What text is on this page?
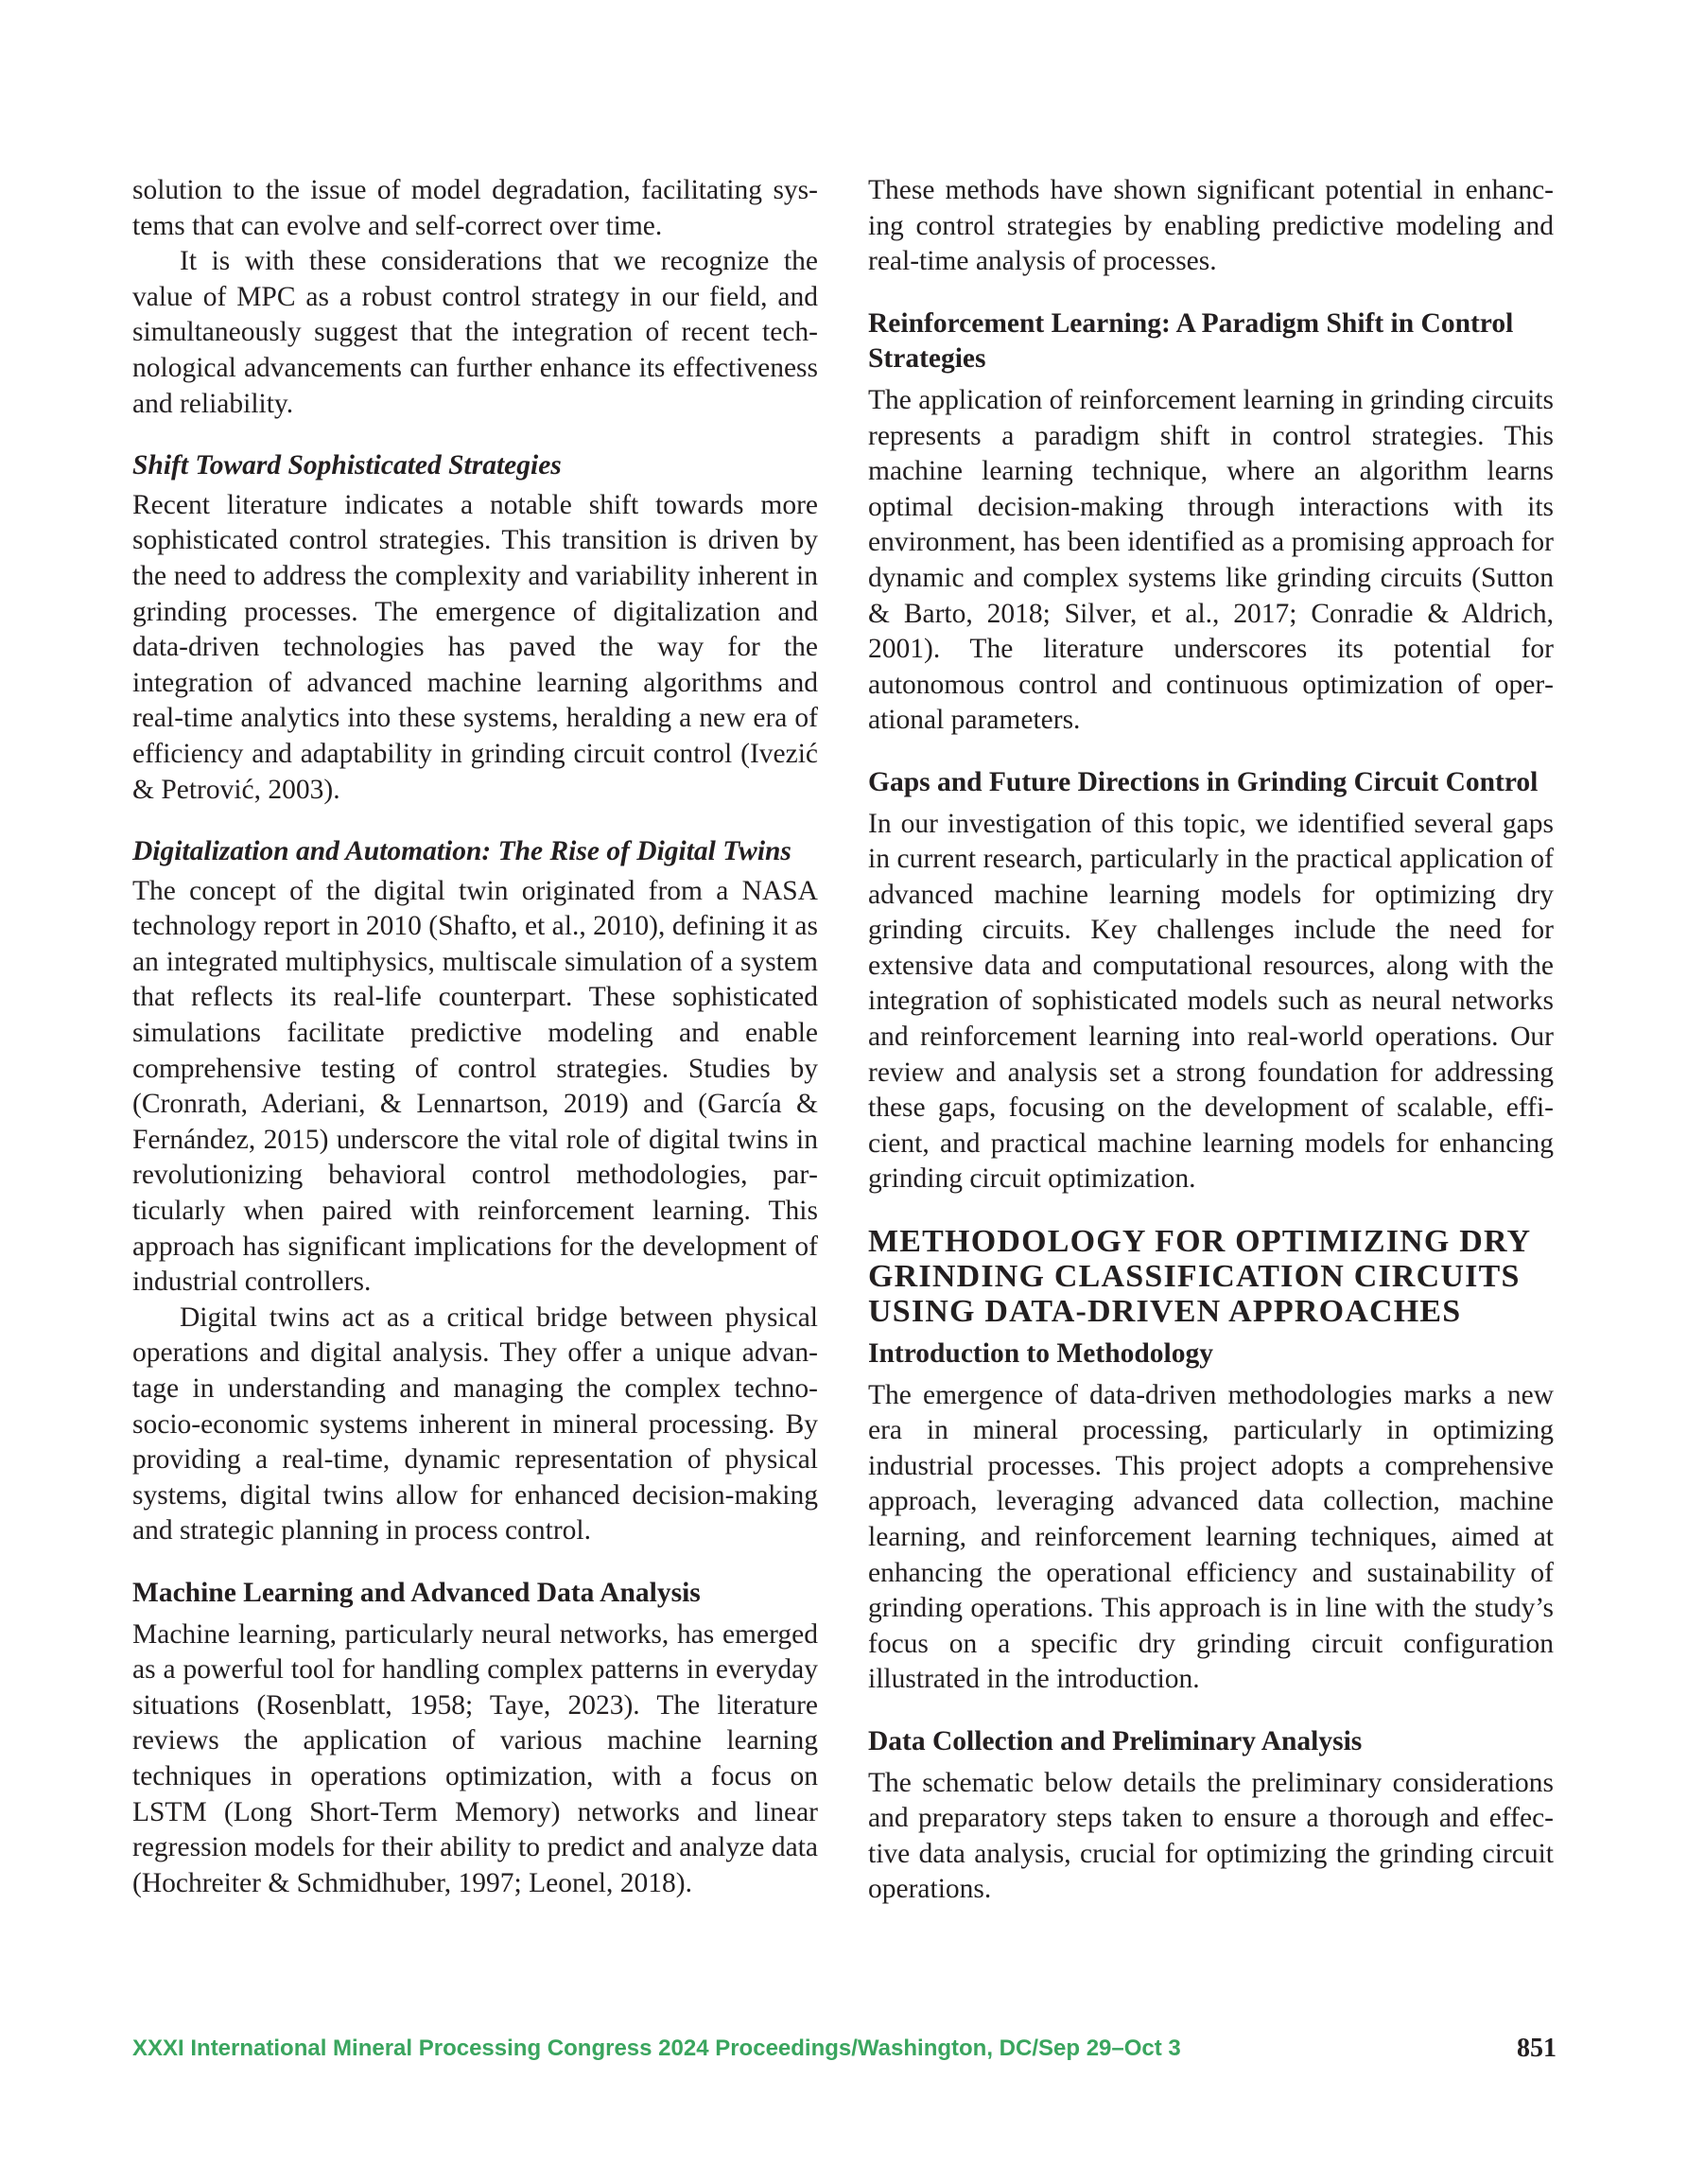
solution to the issue of model degradation, facilitating systems that can evolve and self-correct over time.

It is with these considerations that we recognize the value of MPC as a robust control strategy in our field, and simultaneously suggest that the integration of recent technological advancements can further enhance its effectiveness and reliability.

Shift Toward Sophisticated Strategies

Recent literature indicates a notable shift towards more sophisticated control strategies. This transition is driven by the need to address the complexity and variability inherent in grinding processes. The emergence of digitalization and data-driven technologies has paved the way for the integration of advanced machine learning algorithms and real-time analytics into these systems, heralding a new era of efficiency and adaptability in grinding circuit control (Ivezić & Petrović, 2003).

Digitalization and Automation: The Rise of Digital Twins

The concept of the digital twin originated from a NASA technology report in 2010 (Shafto, et al., 2010), defining it as an integrated multiphysics, multiscale simulation of a system that reflects its real-life counterpart. These sophisticated simulations facilitate predictive modeling and enable comprehensive testing of control strategies. Studies by (Cronrath, Aderiani, & Lennartson, 2019) and (García & Fernández, 2015) underscore the vital role of digital twins in revolutionizing behavioral control methodologies, particularly when paired with reinforcement learning. This approach has significant implications for the development of industrial controllers.

Digital twins act as a critical bridge between physical operations and digital analysis. They offer a unique advantage in understanding and managing the complex techno-socio-economic systems inherent in mineral processing. By providing a real-time, dynamic representation of physical systems, digital twins allow for enhanced decision-making and strategic planning in process control.

Machine Learning and Advanced Data Analysis

Machine learning, particularly neural networks, has emerged as a powerful tool for handling complex patterns in everyday situations (Rosenblatt, 1958; Taye, 2023). The literature reviews the application of various machine learning techniques in operations optimization, with a focus on LSTM (Long Short-Term Memory) networks and linear regression models for their ability to predict and analyze data (Hochreiter & Schmidhuber, 1997; Leonel, 2018).

These methods have shown significant potential in enhancing control strategies by enabling predictive modeling and real-time analysis of processes.

Reinforcement Learning: A Paradigm Shift in Control Strategies

The application of reinforcement learning in grinding circuits represents a paradigm shift in control strategies. This machine learning technique, where an algorithm learns optimal decision-making through interactions with its environment, has been identified as a promising approach for dynamic and complex systems like grinding circuits (Sutton & Barto, 2018; Silver, et al., 2017; Conradie & Aldrich, 2001). The literature underscores its potential for autonomous control and continuous optimization of operational parameters.

Gaps and Future Directions in Grinding Circuit Control

In our investigation of this topic, we identified several gaps in current research, particularly in the practical application of advanced machine learning models for optimizing dry grinding circuits. Key challenges include the need for extensive data and computational resources, along with the integration of sophisticated models such as neural networks and reinforcement learning into real-world operations. Our review and analysis set a strong foundation for addressing these gaps, focusing on the development of scalable, efficient, and practical machine learning models for enhancing grinding circuit optimization.

METHODOLOGY FOR OPTIMIZING DRY GRINDING CLASSIFICATION CIRCUITS USING DATA-DRIVEN APPROACHES
Introduction to Methodology

The emergence of data-driven methodologies marks a new era in mineral processing, particularly in optimizing industrial processes. This project adopts a comprehensive approach, leveraging advanced data collection, machine learning, and reinforcement learning techniques, aimed at enhancing the operational efficiency and sustainability of grinding operations. This approach is in line with the study’s focus on a specific dry grinding circuit configuration illustrated in the introduction.

Data Collection and Preliminary Analysis

The schematic below details the preliminary considerations and preparatory steps taken to ensure a thorough and effective data analysis, crucial for optimizing the grinding circuit operations.

XXXI International Mineral Processing Congress 2024 Proceedings/Washington, DC/Sep 29–Oct 3	851
